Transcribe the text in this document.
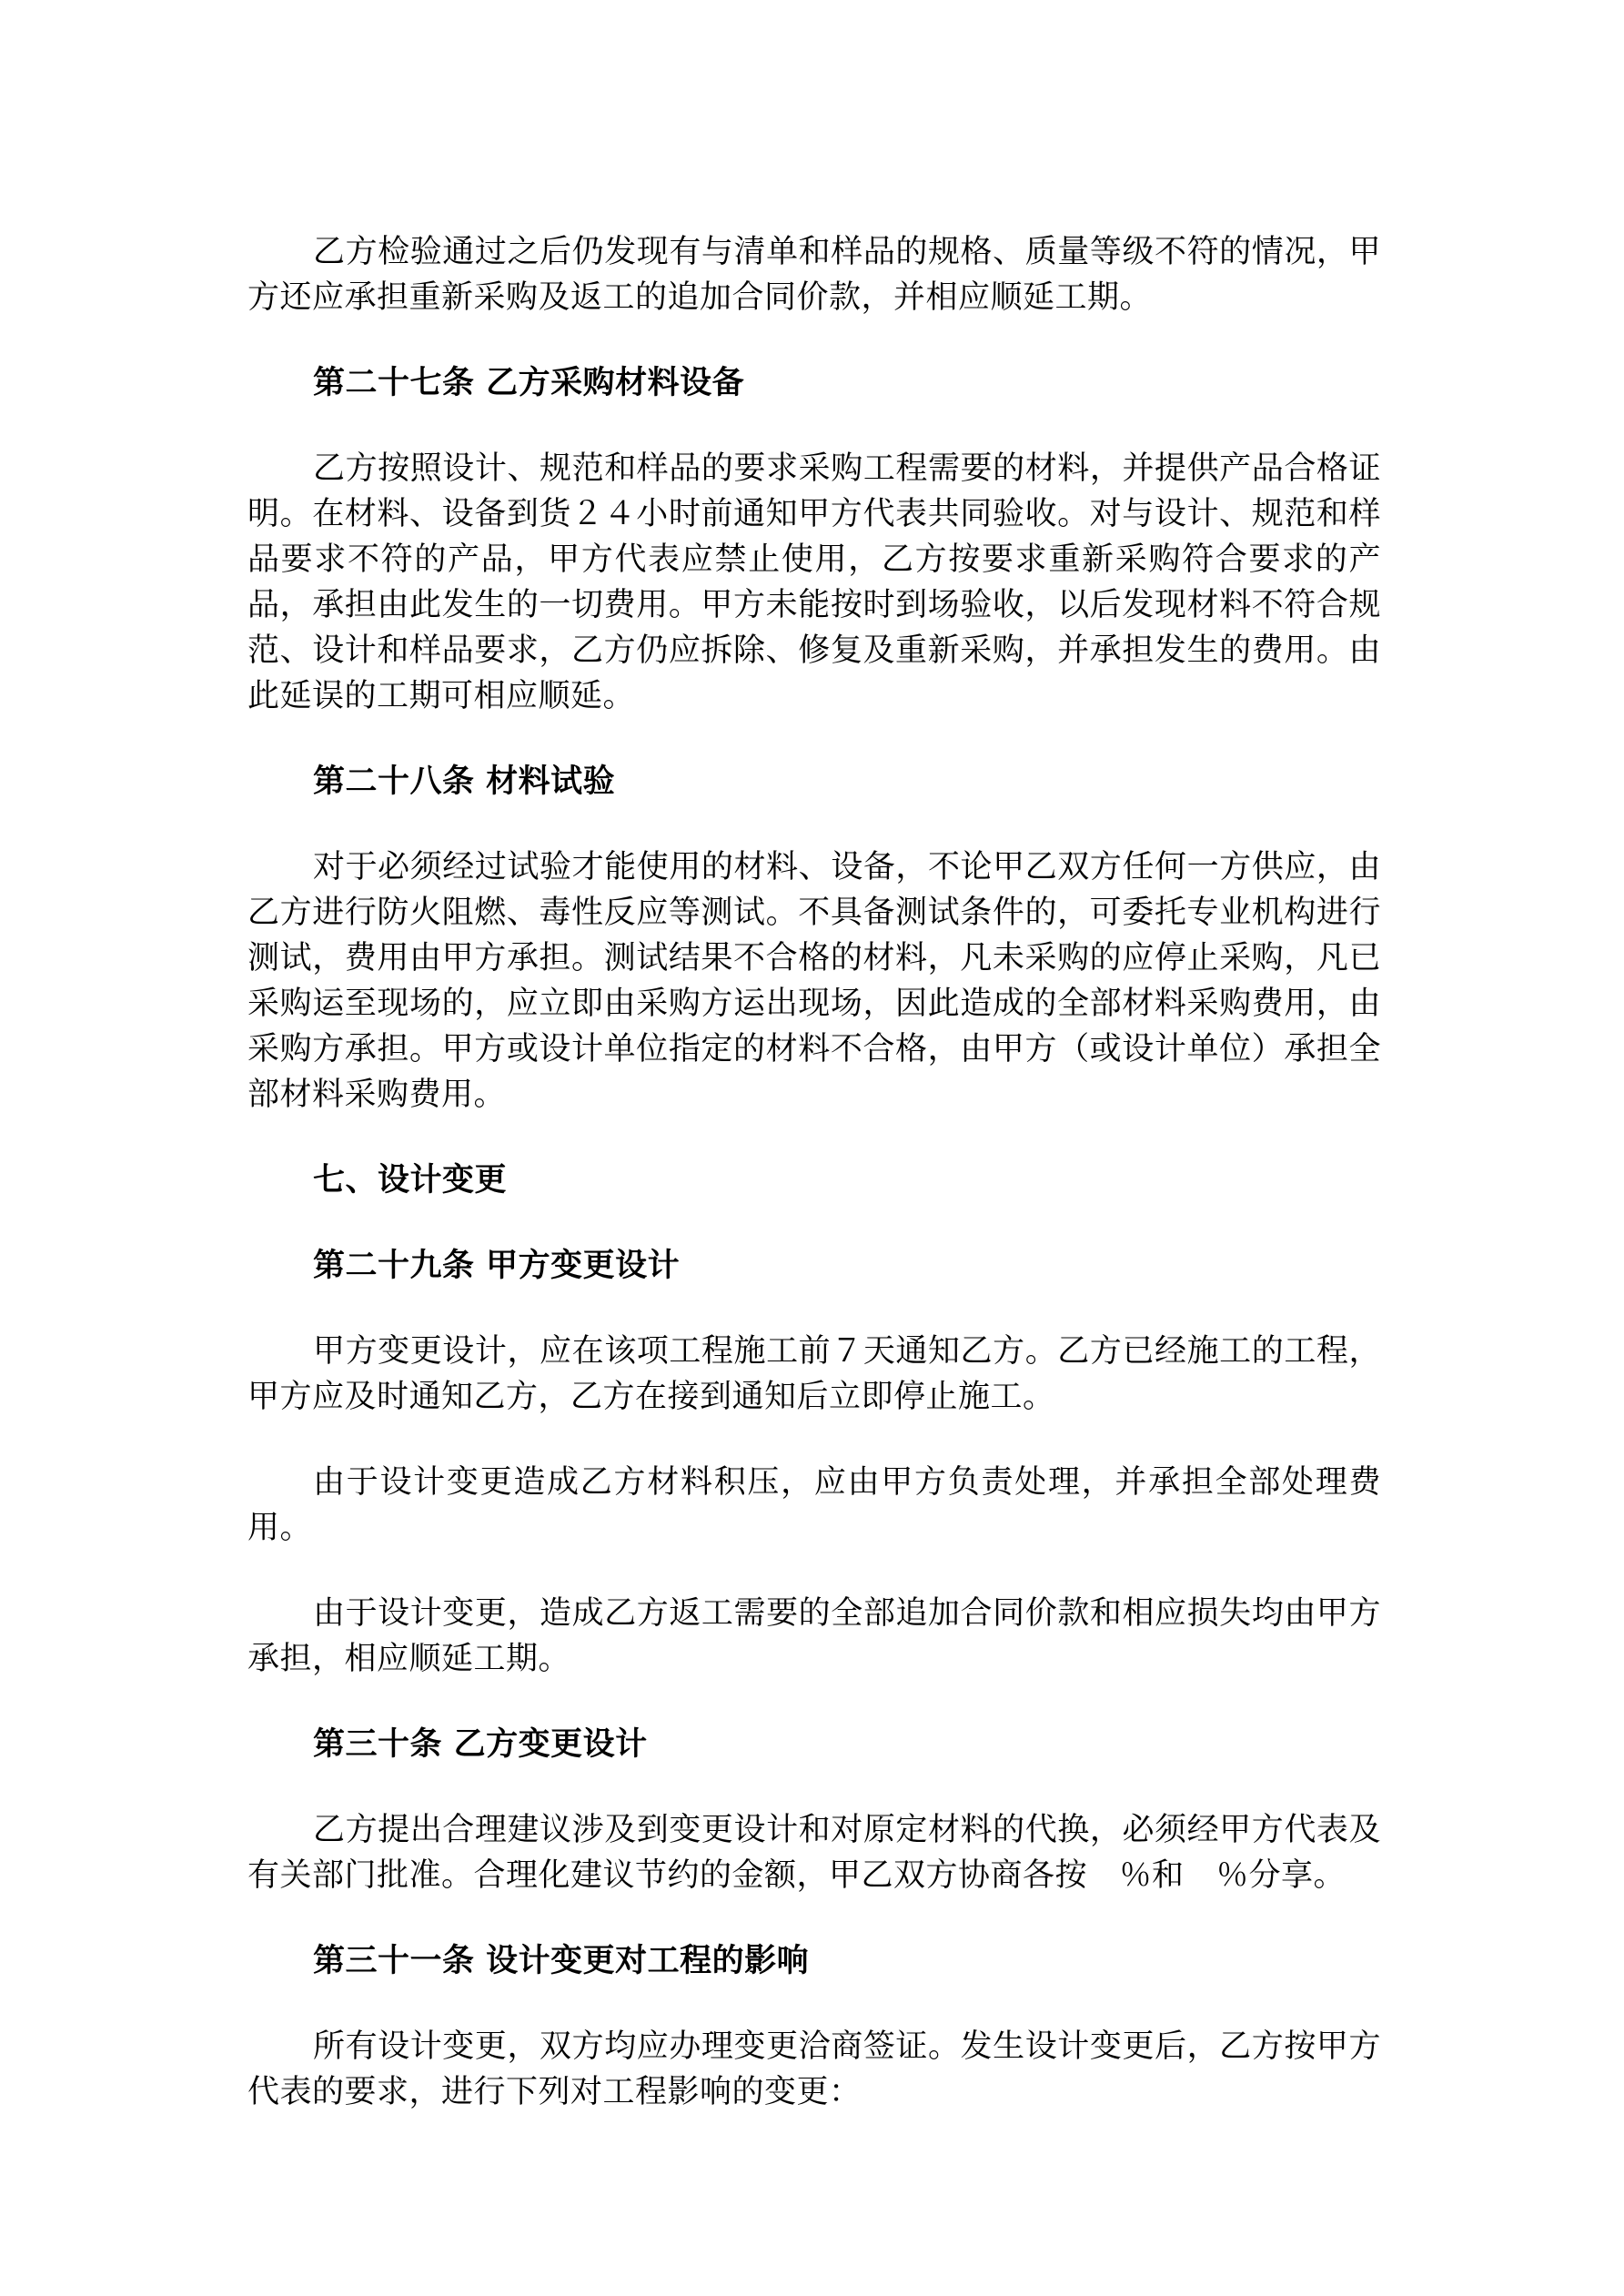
乙方检验通过之后仍发现有与清单和样品的规格、质量等级不符的情况，甲方还应承担重新采购及返工的追加合同价款，并相应顺延工期。

第二十七条 乙方采购材料设备

乙方按照设计、规范和样品的要求采购工程需要的材料，并提供产品合格证明。在材料、设备到货２４小时前通知甲方代表共同验收。对与设计、规范和样品要求不符的产品，甲方代表应禁止使用，乙方按要求重新采购符合要求的产品，承担由此发生的一切费用。甲方未能按时到场验收，以后发现材料不符合规范、设计和样品要求，乙方仍应拆除、修复及重新采购，并承担发生的费用。由此延误的工期可相应顺延。

第二十八条 材料试验

对于必须经过试验才能使用的材料、设备，不论甲乙双方任何一方供应，由乙方进行防火阻燃、毒性反应等测试。不具备测试条件的，可委托专业机构进行测试，费用由甲方承担。测试结果不合格的材料，凡未采购的应停止采购，凡已采购运至现场的，应立即由采购方运出现场，因此造成的全部材料采购费用，由采购方承担。甲方或设计单位指定的材料不合格，由甲方（或设计单位）承担全部材料采购费用。

七、设计变更
第二十九条 甲方变更设计

甲方变更设计，应在该项工程施工前７天通知乙方。乙方已经施工的工程，甲方应及时通知乙方，乙方在接到通知后立即停止施工。

由于设计变更造成乙方材料积压，应由甲方负责处理，并承担全部处理费用。

由于设计变更，造成乙方返工需要的全部追加合同价款和相应损失均由甲方承担，相应顺延工期。

第三十条 乙方变更设计

乙方提出合理建议涉及到变更设计和对原定材料的代换，必须经甲方代表及有关部门批准。合理化建议节约的金额，甲乙双方协商各按　％和　％分享。

第三十一条 设计变更对工程的影响

所有设计变更，双方均应办理变更洽商签证。发生设计变更后，乙方按甲方代表的要求，进行下列对工程影响的变更：
